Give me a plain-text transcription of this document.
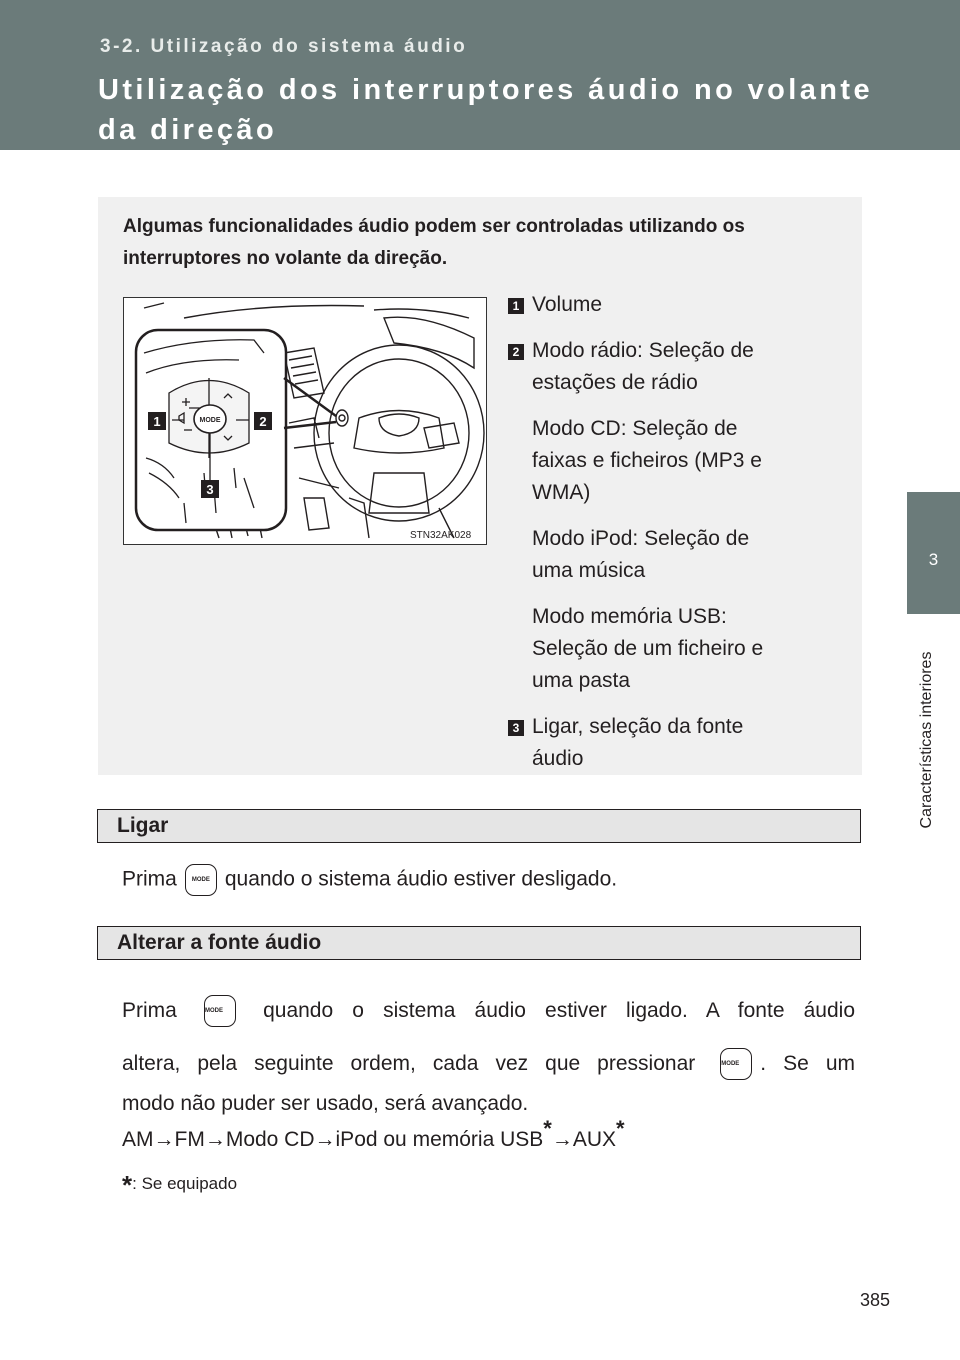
3-2. Utilização do sistema áudio
Utilização dos interruptores áudio no volante da direção
3
Características interiores
Algumas funcionalidades áudio podem ser controladas utilizando os interruptores no volante da direção.
MODE
1	2
3
STN32AK028
1 Volume
2 Modo rádio: Seleção de
estações de rádio
Modo CD: Seleção de
faixas e ficheiros (MP3 e
WMA)
Modo iPod: Seleção de
uma música
Modo memória USB:
Seleção de um ficheiro e
uma pasta
3 Ligar, seleção da fonte
áudio
Ligar
Prima	MODE quando o sistema áudio estiver desligado.
Alterar a fonte áudio
Prima	MODE quando o sistema áudio estiver ligado. A fonte áudio
altera, pela seguinte ordem, cada vez que pressionar	MODE . Se um
modo não puder ser usado, será avançado.
AM→FM→Modo CD→iPod ou memória USB*→AUX*
*: Se equipado
385
